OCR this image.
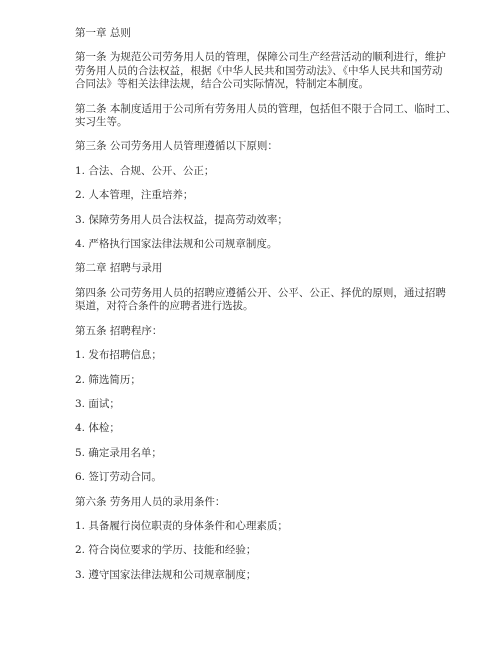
第一章 总则

第一条 为规范公司劳务用人员的管理，保障公司生产经营活动的顺利进行，维护
劳务用人员的合法权益，根据《中华人民共和国劳动法》、《中华人民共和国劳动
合同法》等相关法律法规，结合公司实际情况，特制定本制度。

第二条 本制度适用于公司所有劳务用人员的管理，包括但不限于合同工、临时工、
实习生等。

第三条 公司劳务用人员管理遵循以下原则：

1. 合法、合规、公开、公正；

2. 人本管理，注重培养；

3. 保障劳务用人员合法权益，提高劳动效率；

4. 严格执行国家法律法规和公司规章制度。

第二章 招聘与录用

第四条 公司劳务用人员的招聘应遵循公开、公平、公正、择优的原则，通过招聘
渠道，对符合条件的应聘者进行选拔。

第五条 招聘程序：

1. 发布招聘信息；

2. 筛选简历；

3. 面试；

4. 体检；

5. 确定录用名单；

6. 签订劳动合同。

第六条 劳务用人员的录用条件：

1. 具备履行岗位职责的身体条件和心理素质；

2. 符合岗位要求的学历、技能和经验；

3. 遵守国家法律法规和公司规章制度；
